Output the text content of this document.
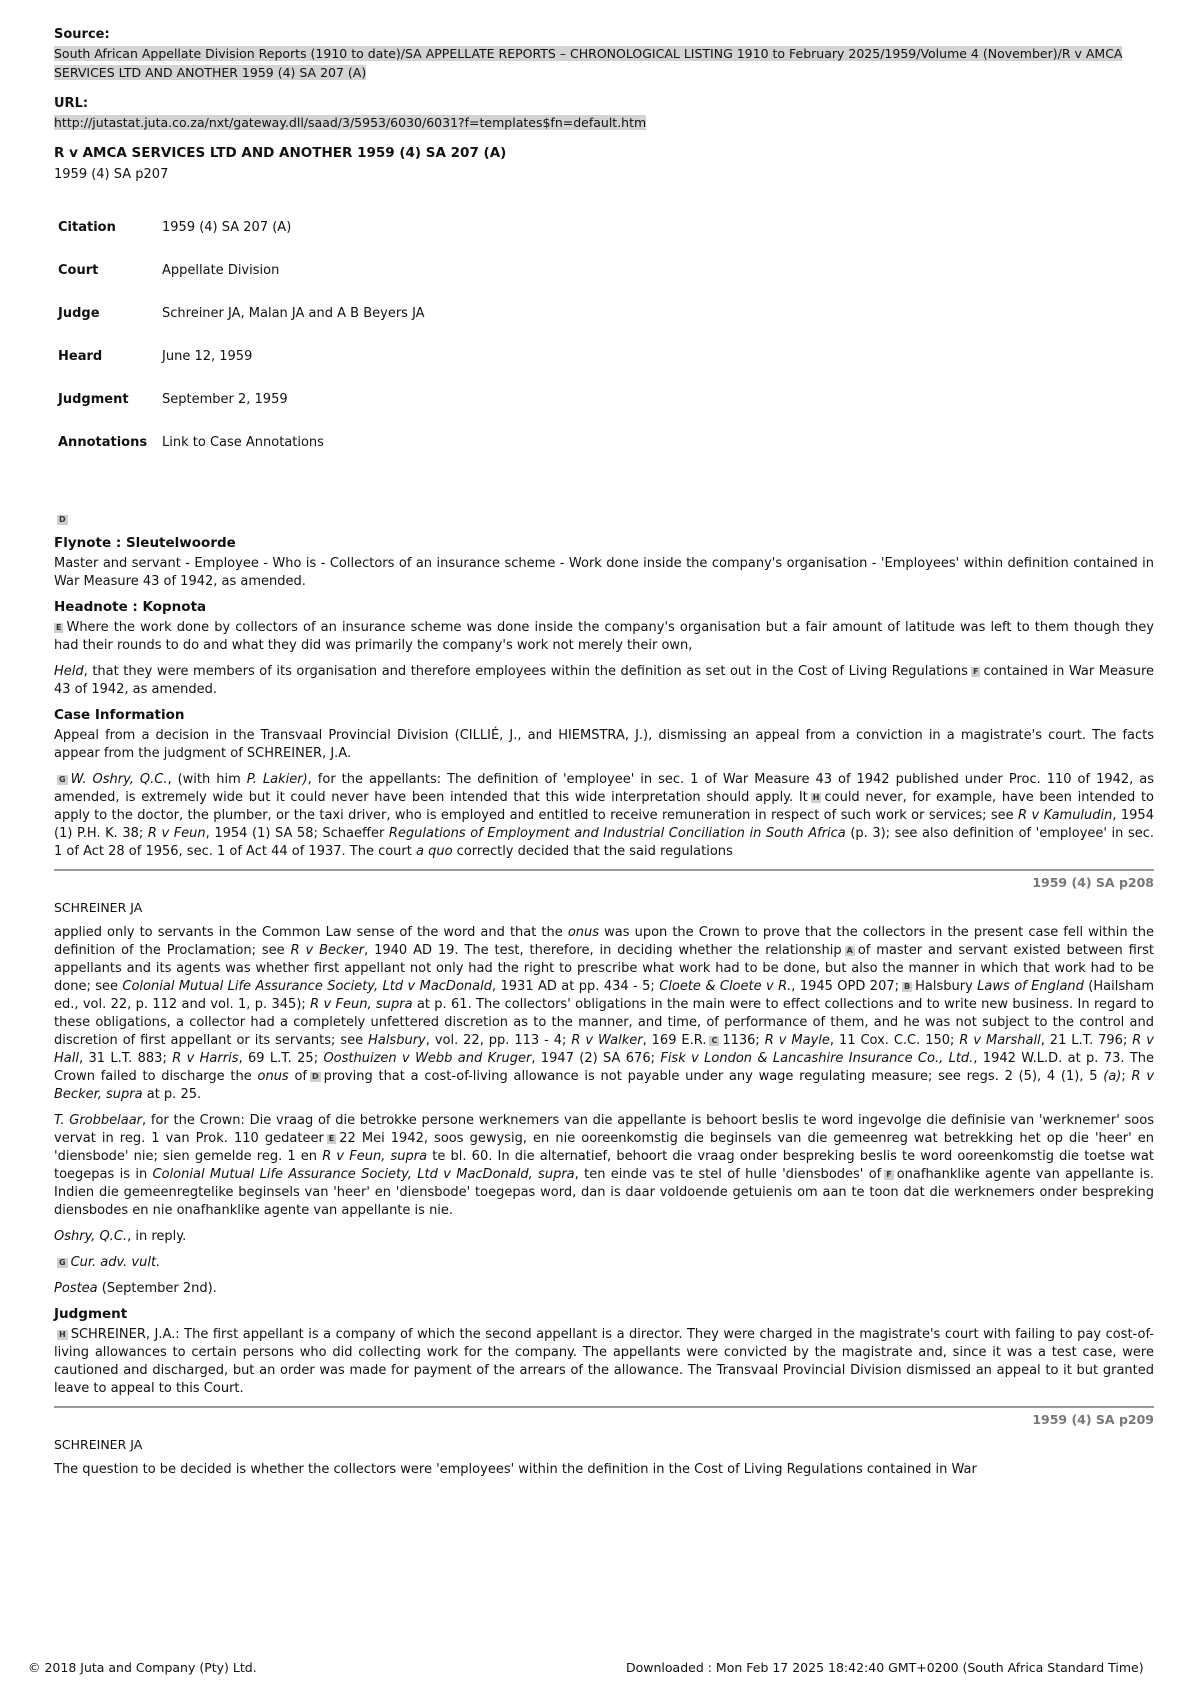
Source:
South African Appellate Division Reports (1910 to date)/SA APPELLATE REPORTS – CHRONOLOGICAL LISTING 1910 to February 2025/1959/Volume 4 (November)/R v AMCA SERVICES LTD AND ANOTHER 1959 (4) SA 207 (A)
URL:
http://jutastat.juta.co.za/nxt/gateway.dll/saad/3/5953/6030/6031?f=templates$fn=default.htm
R v AMCA SERVICES LTD AND ANOTHER 1959 (4) SA 207 (A)
1959 (4) SA p207
Citation	1959 (4) SA 207 (A)
Court	Appellate Division
Judge	Schreiner JA, Malan JA and A B Beyers JA
Heard	June 12, 1959
Judgment	September 2, 1959
Annotations	Link to Case Annotations
D
Flynote : Sleutelwoorde

Master and servant - Employee - Who is - Collectors of an insurance scheme - Work done inside the company's organisation - 'Employees' within definition contained in War Measure 43 of 1942, as amended.

Headnote : Kopnota

E Where the work done by collectors of an insurance scheme was done inside the company's organisation but a fair amount of latitude was left to them though they had their rounds to do and what they did was primarily the company's work not merely their own,

Held, that they were members of its organisation and therefore employees within the definition as set out in the Cost of Living Regulations F contained in War Measure 43 of 1942, as amended.

Case Information

Appeal from a decision in the Transvaal Provincial Division (CILLIÉ, J., and HIEMSTRA, J.), dismissing an appeal from a conviction in a magistrate's court. The facts appear from the judgment of SCHREINER, J.A.

G W. Oshry, Q.C., (with him P. Lakier), for the appellants: The definition of 'employee' in sec. 1 of War Measure 43 of 1942 published under Proc. 110 of 1942, as amended, is extremely wide but it could never have been intended that this wide interpretation should apply. It H could never, for example, have been intended to apply to the doctor, the plumber, or the taxi driver, who is employed and entitled to receive remuneration in respect of such work or services; see R v Kamuludin, 1954 (1) P.H. K. 38; R v Feun, 1954 (1) SA 58; Schaeffer Regulations of Employment and Industrial Conciliation in South Africa (p. 3); see also definition of 'employee' in sec. 1 of Act 28 of 1956, sec. 1 of Act 44 of 1937. The court a quo correctly decided that the said regulations

1959 (4) SA p208
SCHREINER JA

applied only to servants in the Common Law sense of the word and that the onus was upon the Crown to prove that the collectors in the present case fell within the definition of the Proclamation; see R v Becker, 1940 AD 19. The test, therefore, in deciding whether the relationship A of master and servant existed between first appellants and its agents was whether first appellant not only had the right to prescribe what work had to be done, but also the manner in which that work had to be done; see Colonial Mutual Life Assurance Society, Ltd v MacDonald, 1931 AD at pp. 434 - 5; Cloete & Cloete v R., 1945 OPD 207; B Halsbury Laws of England (Hailsham ed., vol. 22, p. 112 and vol. 1, p. 345); R v Feun, supra at p. 61. The collectors' obligations in the main were to effect collections and to write new business. In regard to these obligations, a collector had a completely unfettered discretion as to the manner, and time, of performance of them, and he was not subject to the control and discretion of first appellant or its servants; see Halsbury, vol. 22, pp. 113 - 4; R v Walker, 169 E.R. C 1136; R v Mayle, 11 Cox. C.C. 150; R v Marshall, 21 L.T. 796; R v Hall, 31 L.T. 883; R v Harris, 69 L.T. 25; Oosthuizen v Webb and Kruger, 1947 (2) SA 676; Fisk v London & Lancashire Insurance Co., Ltd., 1942 W.L.D. at p. 73. The Crown failed to discharge the onus of D proving that a cost-of-living allowance is not payable under any wage regulating measure; see regs. 2 (5), 4 (1), 5 (a); R v Becker, supra at p. 25.

T. Grobbelaar, for the Crown: Die vraag of die betrokke persone werknemers van die appellante is behoort beslis te word ingevolge die definisie van 'werknemer' soos vervat in reg. 1 van Prok. 110 gedateer E 22 Mei 1942, soos gewysig, en nie ooreenkomstig die beginsels van die gemeenreg wat betrekking het op die 'heer' en 'diensbode' nie; sien gemelde reg. 1 en R v Feun, supra te bl. 60. In die alternatief, behoort die vraag onder bespreking beslis te word ooreenkomstig die toetse wat toegepas is in Colonial Mutual Life Assurance Society, Ltd v MacDonald, supra, ten einde vas te stel of hulle 'diensbodes' of F onafhanklike agente van appellante is. Indien die gemeenregtelike beginsels van 'heer' en 'diensbode' toegepas word, dan is daar voldoende getuienis om aan te toon dat die werknemers onder bespreking diensbodes en nie onafhanklike agente van appellante is nie.

Oshry, Q.C., in reply.

G Cur. adv. vult.

Postea (September 2nd).

Judgment

H SCHREINER, J.A.: The first appellant is a company of which the second appellant is a director. They were charged in the magistrate's court with failing to pay cost-of-living allowances to certain persons who did collecting work for the company. The appellants were convicted by the magistrate and, since it was a test case, were cautioned and discharged, but an order was made for payment of the arrears of the allowance. The Transvaal Provincial Division dismissed an appeal to it but granted leave to appeal to this Court.

1959 (4) SA p209
SCHREINER JA

The question to be decided is whether the collectors were 'employees' within the definition in the Cost of Living Regulations contained in War

© 2018 Juta and Company (Pty) Ltd.	Downloaded : Mon Feb 17 2025 18:42:40 GMT+0200 (South Africa Standard Time)
